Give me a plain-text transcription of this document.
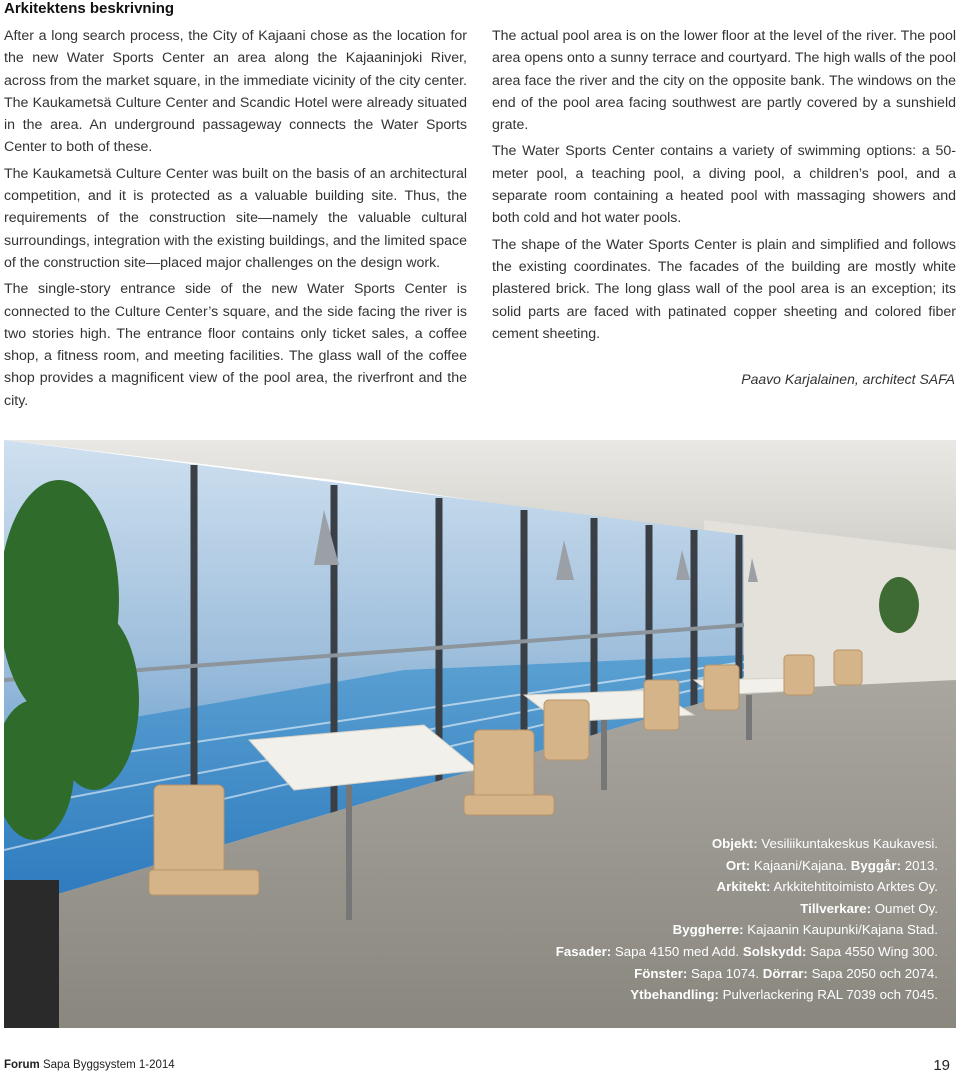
Arkitektens beskrivning

After a long search process, the City of Kajaani chose as the location for the new Water Sports Center an area along the Kajaaninjoki River, across from the market square, in the immediate vicinity of the city center. The Kaukametsä Culture Center and Scandic Hotel were already situated in the area. An underground passageway connects the Water Sports Center to both of these.

The Kaukametsä Culture Center was built on the basis of an architectural competition, and it is protected as a valuable building site. Thus, the requirements of the construction site—namely the valuable cultural surroundings, integration with the existing buildings, and the limited space of the construction site—placed major challenges on the design work.

The single-story entrance side of the new Water Sports Center is connected to the Culture Center’s square, and the side facing the river is two stories high. The entrance floor contains only ticket sales, a coffee shop, a fitness room, and meeting facilities. The glass wall of the coffee shop provides a magnificent view of the pool area, the riverfront and the city.

The actual pool area is on the lower floor at the level of the river. The pool area opens onto a sunny terrace and courtyard. The high walls of the pool area face the river and the city on the opposite bank. The windows on the end of the pool area facing southwest are partly covered by a sunshield grate.

The Water Sports Center contains a variety of swimming options: a 50-meter pool, a teaching pool, a diving pool, a children’s pool, and a separate room containing a heated pool with massaging showers and both cold and hot water pools.

The shape of the Water Sports Center is plain and simplified and follows the existing coordinates. The facades of the building are mostly white plastered brick. The long glass wall of the pool area is an exception; its solid parts are faced with patinated copper sheeting and colored fiber cement sheeting.

Paavo Karjalainen, architect SAFA
Objekt: Vesiliikuntakeskus Kaukavesi.
Ort: Kajaani/Kajana. Byggår: 2013.
Arkitekt: Arkkitehtitoimisto Arktes Oy.
Tillverkare: Oumet Oy.
Byggherre: Kajaanin Kaupunki/Kajana Stad.
Fasader: Sapa 4150 med Add. Solskydd: Sapa 4550 Wing 300.
Fönster: Sapa 1074. Dörrar: Sapa 2050 och 2074.
Ytbehandling: Pulverlackering RAL 7039 och 7045.
Forum Sapa Byggsystem 1-2014	19
